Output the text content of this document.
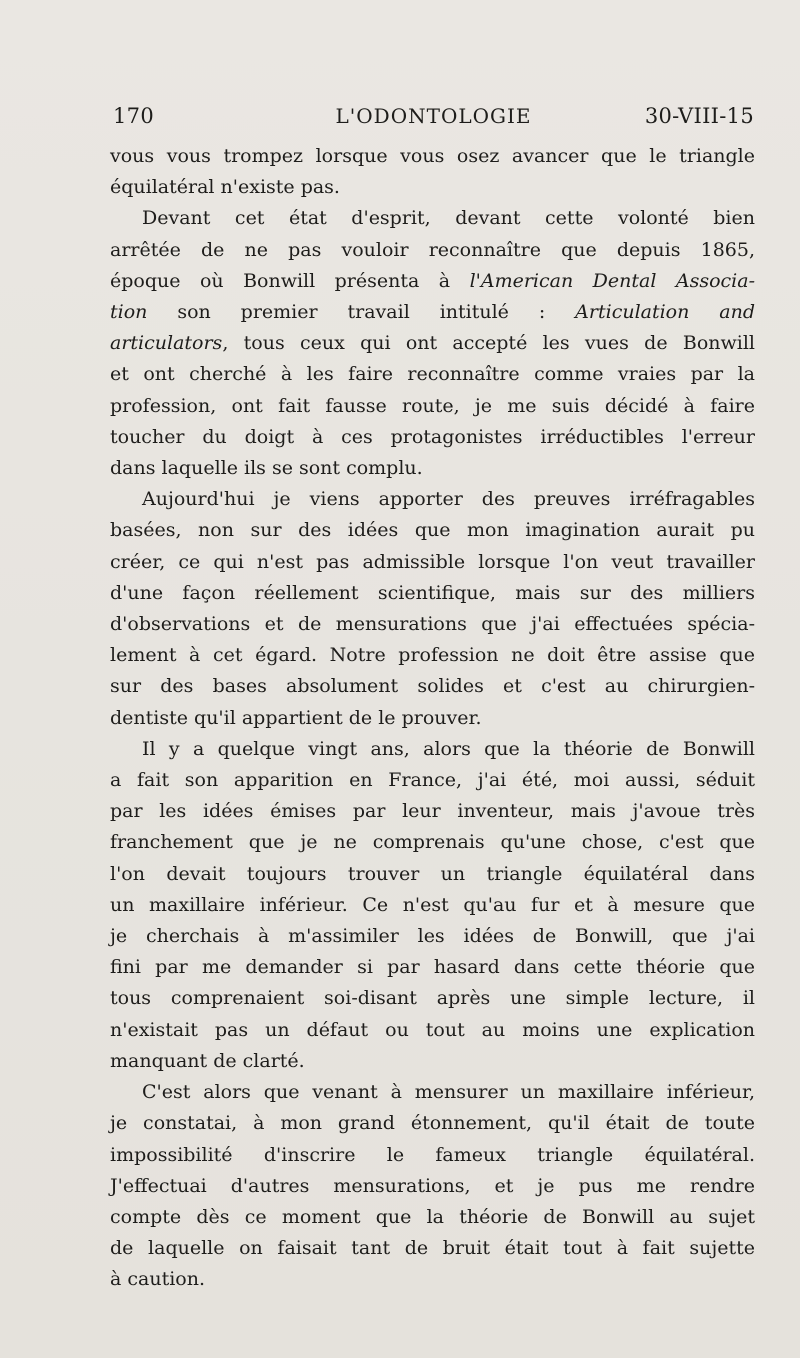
170	L'ODONTOLOGIE	30-VIII-15

vous vous trompez lorsque vous osez avancer que le triangle

équilatéral n'existe pas.

Devant cet état d'esprit, devant cette volonté bien

arrêtée de ne pas vouloir reconnaître que depuis 1865,

époque où Bonwill présenta à l'American Dental Associa-

tion son premier travail intitulé : Articulation and

articulators, tous ceux qui ont accepté les vues de Bonwill

et ont cherché à les faire reconnaître comme vraies par la

profession, ont fait fausse route, je me suis décidé à faire

toucher du doigt à ces protagonistes irréductibles l'erreur

dans laquelle ils se sont complu.

Aujourd'hui je viens apporter des preuves irréfragables

basées, non sur des idées que mon imagination aurait pu

créer, ce qui n'est pas admissible lorsque l'on veut travailler

d'une façon réellement scientifique, mais sur des milliers

d'observations et de mensurations que j'ai effectuées spécia-

lement à cet égard. Notre profession ne doit être assise que

sur des bases absolument solides et c'est au chirurgien-

dentiste qu'il appartient de le prouver.

Il y a quelque vingt ans, alors que la théorie de Bonwill

a fait son apparition en France, j'ai été, moi aussi, séduit

par les idées émises par leur inventeur, mais j'avoue très

franchement que je ne comprenais qu'une chose, c'est que

l'on devait toujours trouver un triangle équilatéral dans

un maxillaire inférieur. Ce n'est qu'au fur et à mesure que

je cherchais à m'assimiler les idées de Bonwill, que j'ai

fini par me demander si par hasard dans cette théorie que

tous comprenaient soi-disant après une simple lecture, il

n'existait pas un défaut ou tout au moins une explication

manquant de clarté.

C'est alors que venant à mensurer un maxillaire inférieur,

je constatai, à mon grand étonnement, qu'il était de toute

impossibilité d'inscrire le fameux triangle équilatéral.

J'effectuai d'autres mensurations, et je pus me rendre

compte dès ce moment que la théorie de Bonwill au sujet

de laquelle on faisait tant de bruit était tout à fait sujette

à caution.
